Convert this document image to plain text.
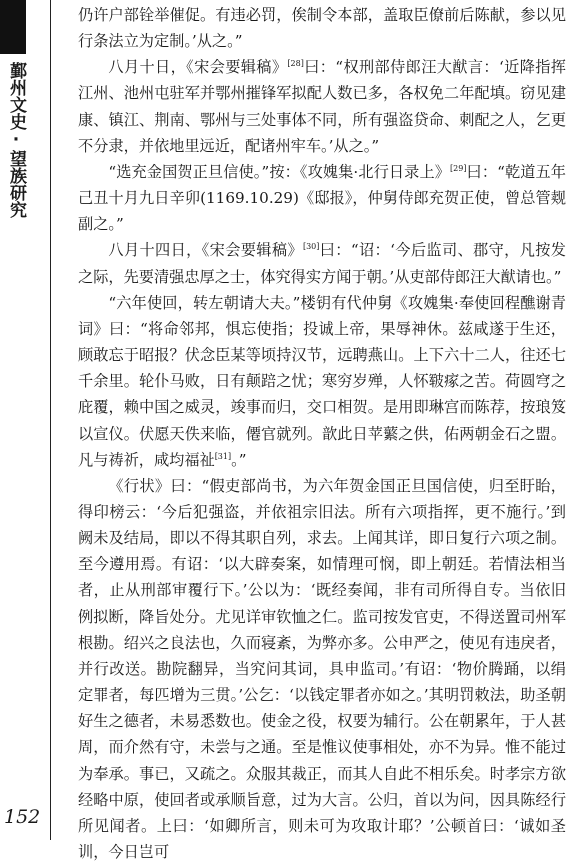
鄞州文史·望族研究
152

仍许户部铨举催促。有违必罚，俟制令本部，盖取臣僚前后陈献，参以见行条法立为定制。’从之。”

八月十日，《宋会要辑稿》[28]曰：“权刑部侍郎汪大猷言：‘近降指挥江州、池州屯驻军并鄂州摧锋军拟配人数已多，各权免二年配填。窃见建康、镇江、荆南、鄂州与三处事体不同，所有强盗贷命、刺配之人，乞更不分隶，并依地里远近，配诸州牢车。’从之。”

“选充金国贺正旦信使。”按：《攻媿集·北行日录上》[29]曰：“乾道五年己丑十月九日辛卯(1169.10.29)《邸报》，仲舅侍郎充贺正使，曾总管觌副之。”

八月十四日，《宋会要辑稿》[30]曰：“诏：‘今后监司、郡守，凡按发之际，先要清强忠厚之士，体究得实方闻于朝。’从吏部侍郎汪大猷请也。”

“六年使回，转左朝请大夫。”楼钥有代仲舅《攻媿集·奉使回程醮谢青词》曰：“将命邻邦，惧忘使指；投诚上帝，果辱神休。兹咸遂于生还，顾敢忘于昭报？伏念臣某等顷持汉节，远聘燕山。上下六十二人，往还七千余里。轮仆马败，日有颠踣之忧；寒穷岁殚，人怀皲瘃之苦。荷圆穹之庇覆，赖中国之威灵，竣事而归，交口相贺。是用即琳宫而陈荐，按琅笈以宣仪。伏愿天佚来临，僊官就列。歆此日苹蘩之供，佑两朝金石之盟。凡与祷祈，咸均福祉[31]。”

《行状》曰：“假吏部尚书，为六年贺金国正旦国信使，归至盱眙，得印榜云：‘今后犯强盗，并依祖宗旧法。所有六项指挥，更不施行。’到阙未及结局，即以不得其职自列，求去。上闻其详，即日复行六项之制。至今遵用焉。有诏：‘以大辟奏案，如情理可悯，即上朝廷。若情法相当者，止从刑部审覆行下。’公以为：‘既经奏闻，非有司所得自专。当依旧例拟断，降旨处分。尤见详审钦恤之仁。监司按发官吏，不得送置司州军根勘。绍兴之良法也，久而寝紊，为弊亦多。公申严之，使见有违戾者，并行改送。勘院翻异，当究问其词，具申监司。’有诏：‘物价腾踊，以绢定罪者，每匹增为三贯。’公乞：‘以钱定罪者亦如之。’其明罚敕法，助圣朝好生之德者，未易悉数也。使金之役，权要为辅行。公在朝累年，于人甚周，而介然有守，未尝与之通。至是惟议使事相处，亦不为异。惟不能过为奉承。事已，又疏之。众服其裁正，而其人自此不相乐矣。时孝宗方欲经略中原，使回者或承顺旨意，过为大言。公归，首以为问，因具陈经行所见闻者。上曰：‘如卿所言，则未可为攻取计耶？’公顿首曰：‘诚如圣训，今日岂可
